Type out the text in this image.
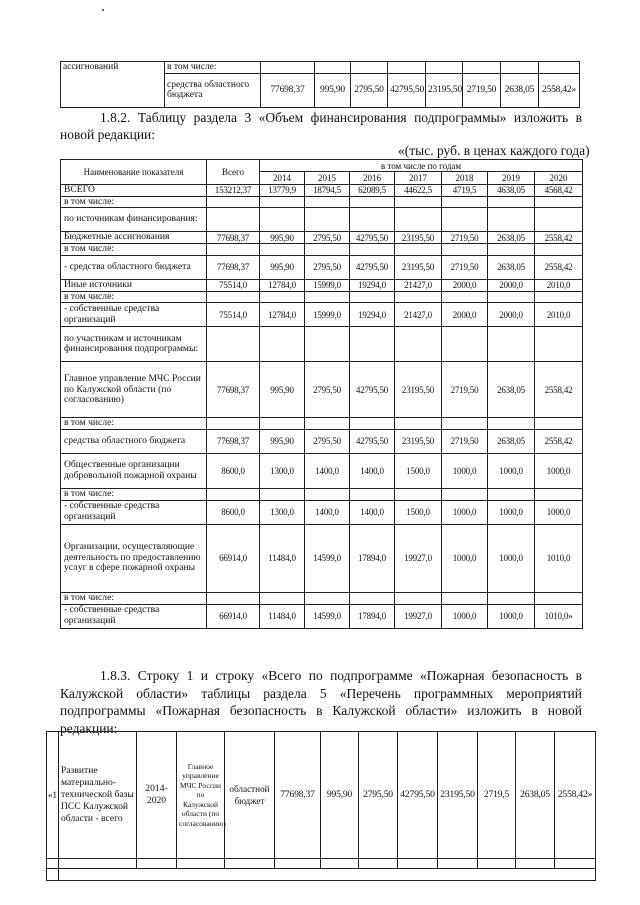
ассигнований	в том числе:								
	средства областного бюджета	77698,37	995,90	2795,50	42795,50	23195,50	2719,50	2638,05	2558,42»
1.8.2. Таблицу раздела 3 «Объем финансирования подпрограммы» изложить в новой редакции:
«(тыс. руб. в ценах каждого года)
Наименование показателя	Всего	в том числе по годам						
		2014	2015	2016	2017	2018	2019	2020
ВСЕГО	153212,37	13779,9	18794,5	62089,5	44622,5	4719,5	4638,05	4568,42
в том числе:								
по источникам финансирования:								
Бюджетные ассигнования	77698,37	995,90	2795,50	42795,50	23195,50	2719,50	2638,05	2558,42
в том числе:								
- средства областного бюджета	77698,37	995,90	2795,50	42795,50	23195,50	2719,50	2638,05	2558,42
Иные источники	75514,0	12784,0	15999,0	19294,0	21427,0	2000,0	2000,0	2010,0
в том числе:								
- собственные средства организаций	75514,0	12784,0	15999,0	19294,0	21427,0	2000,0	2000,0	2010,0
по участникам и источникам финансирования подпрограммы:								
Главное управление МЧС России по Калужской области (по согласованию)	77698,37	995,90	2795,50	42795,50	23195,50	2719,50	2638,05	2558,42
в том числе:								
средства областного бюджета	77698,37	995,90	2795,50	42795,50	23195,50	2719,50	2638,05	2558,42
Общественные организации добровольной пожарной охраны	8600,0	1300,0	1400,0	1400,0	1500,0	1000,0	1000,0	1000,0
в том числе:								
- собственные средства организаций	8600,0	1300,0	1400,0	1400,0	1500,0	1000,0	1000,0	1000,0
Организации, осуществляющие деятельность по предоставлению услуг в сфере пожарной охраны	66914,0	11484,0	14599,0	17894,0	19927,0	1000,0	1000,0	1010,0
в том числе:								
- собственные средства организаций	66914,0	11484,0	14599,0	17894,0	19927,0	1000,0	1000,0	1010,0»
1.8.3. Строку 1 и строку «Всего по подпрограмме «Пожарная безопасность в Калужской области» таблицы раздела 5 «Перечень программных мероприятий подпрограммы «Пожарная безопасность в Калужской области» изложить в новой редакции:
«1	Развитие материально-технической базы ПСС Калужской области - всего	2014-2020	Главное управление МЧС России по Калужской области (по согласованию)	областной бюджет	77698,37	995,90	2795,50	42795,50	23195,50	2719,5	2638,05	2558,42»
